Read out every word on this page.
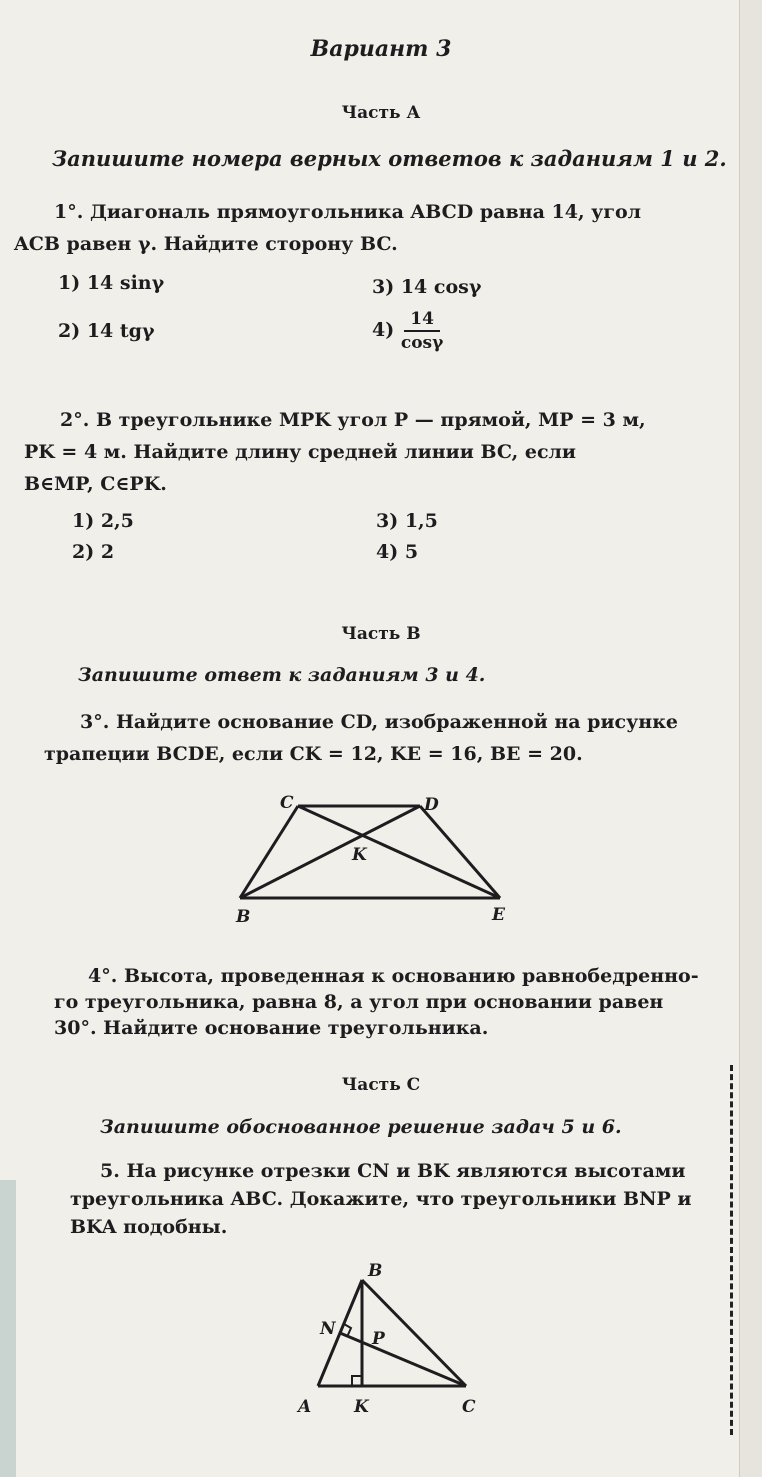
Вариант 3
Часть А
Запишите номера верных ответов к заданиям 1 и 2.
1°. Диагональ прямоугольника ABCD равна 14, угол
ACB равен γ. Найдите сторону BC.
1) 14 sinγ
2) 14 tgγ
3) 14 cosγ
$4) \frac{14}{\cos\gamma}$
2°. В треугольнике MPK угол P — прямой, MP = 3 м,
PK = 4 м. Найдите длину средней линии BC, если
B∈MP, C∈PK.
1) 2,5
2) 2
3) 1,5
4) 5
Часть В
Запишите ответ к заданиям 3 и 4.
3°. Найдите основание CD, изображенной на рисунке
трапеции BCDE, если CK = 12, KE = 16, BE = 20.
C	D
K
B	E
4°. Высота, проведенная к основанию равнобедренно-
го треугольника, равна 8, а угол при основании равен
30°. Найдите основание треугольника.
Часть С
Запишите обоснованное решение задач 5 и 6.
5. На рисунке отрезки CN и BK являются высотами
треугольника ABC. Докажите, что треугольники BNP и
BKA подобны.
B
N P
A	K	C
